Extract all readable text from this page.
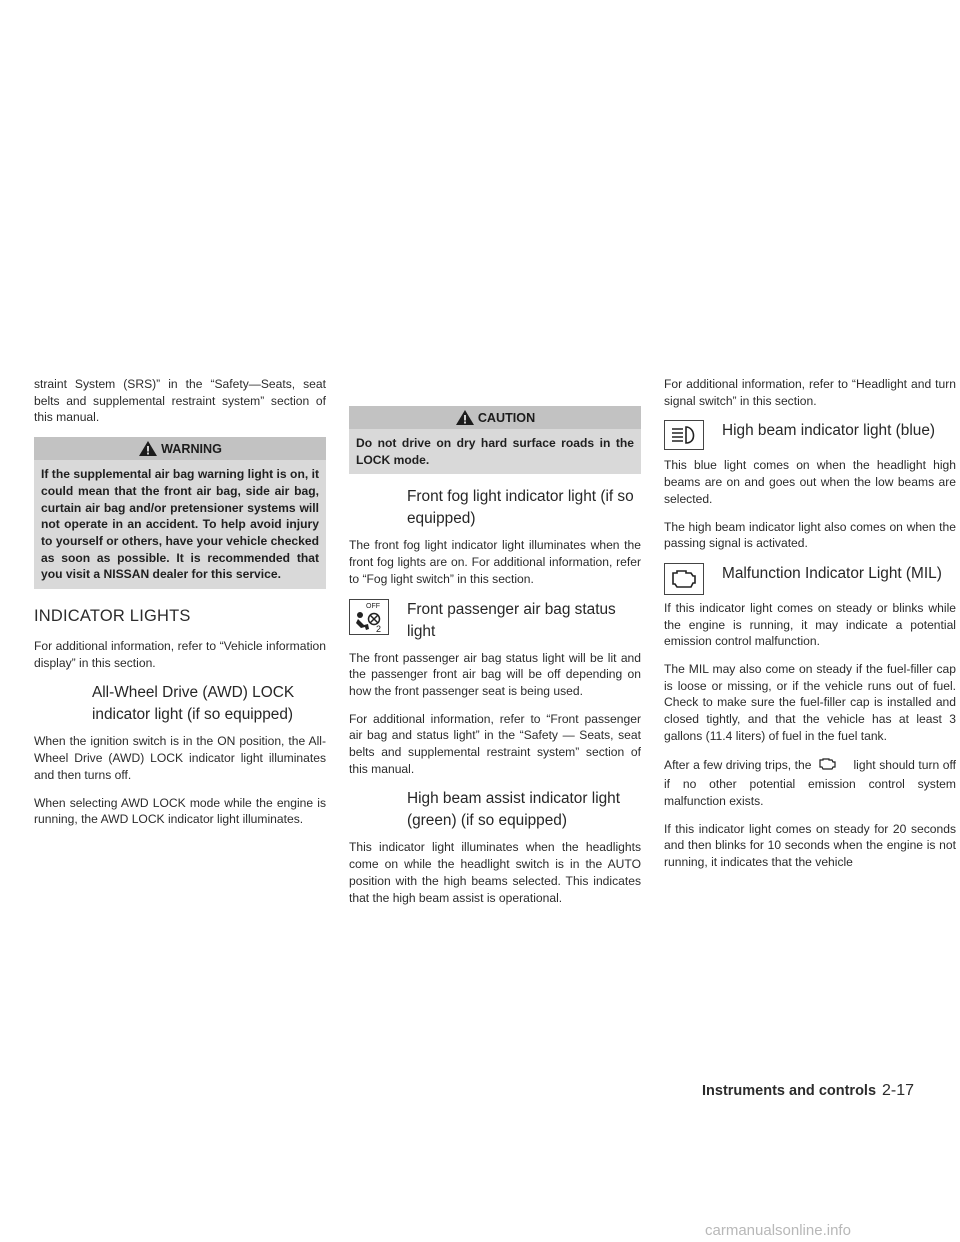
straint System (SRS)” in the “Safety—Seats, seat belts and supplemental restraint system” section of this manual.

WARNING
If the supplemental air bag warning light is on, it could mean that the front air bag, side air bag, curtain air bag and/or pretensioner systems will not operate in an accident. To help avoid injury to yourself or others, have your vehicle checked as soon as possible. It is recommended that you visit a NISSAN dealer for this service.
INDICATOR LIGHTS

For additional information, refer to “Vehicle information display” in this section.

All-Wheel Drive (AWD) LOCK indicator light (if so equipped)

When the ignition switch is in the ON position, the All-Wheel Drive (AWD) LOCK indicator light illuminates and then turns off.

When selecting AWD LOCK mode while the engine is running, the AWD LOCK indicator light illuminates.

CAUTION
Do not drive on dry hard surface roads in the LOCK mode.
Front fog light indicator light (if so equipped)

The front fog light indicator light illuminates when the front fog lights are on. For additional information, refer to “Fog light switch” in this section.

OFF
2
Front passenger air bag status light

The front passenger air bag status light will be lit and the passenger front air bag will be off depending on how the front passenger seat is being used.

For additional information, refer to “Front passenger air bag and status light” in the “Safety — Seats, seat belts and supplemental restraint system” section of this manual.

High beam assist indicator light (green) (if so equipped)

This indicator light illuminates when the headlights come on while the headlight switch is in the AUTO position with the high beams selected. This indicates that the high beam assist is operational.

For additional information, refer to “Headlight and turn signal switch” in this section.

High beam indicator light (blue)

This blue light comes on when the headlight high beams are on and goes out when the low beams are selected.

The high beam indicator light also comes on when the passing signal is activated.

Malfunction Indicator Light (MIL)

If this indicator light comes on steady or blinks while the engine is running, it may indicate a potential emission control malfunction.

The MIL may also come on steady if the fuel-filler cap is loose or missing, or if the vehicle runs out of fuel. Check to make sure the fuel-filler cap is installed and closed tightly, and that the vehicle has at least 3 gallons (11.4 liters) of fuel in the fuel tank.

After a few driving trips, the	light should turn off if no other potential emission control system malfunction exists.

If this indicator light comes on steady for 20 seconds and then blinks for 10 seconds when the engine is not running, it indicates that the vehicle

Instruments and controls 2-17
carmanualsonline.info
